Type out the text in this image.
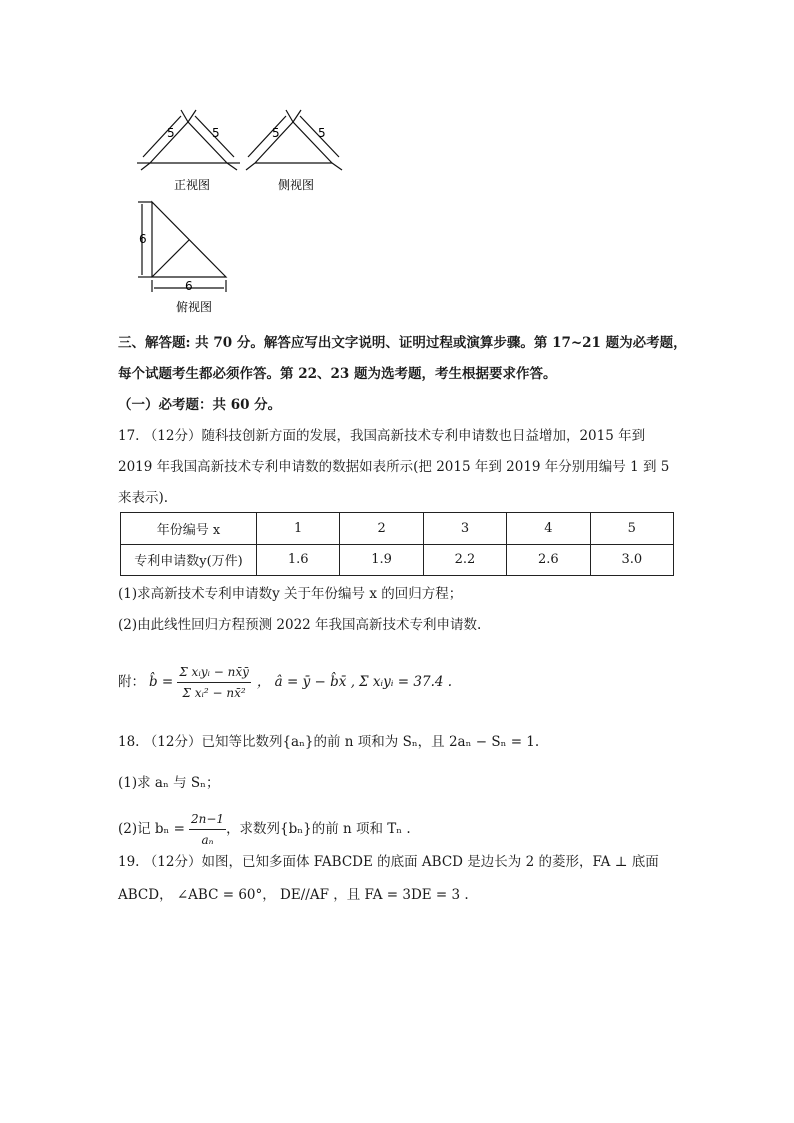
5	5	5	5
6
6
正视图	侧视图
俯视图
三、解答题: 共 70 分。解答应写出文字说明、证明过程或演算步骤。第 17~21 题为必考题，
每个试题考生都必须作答。第 22、23 题为选考题，考生根据要求作答。
（一）必考题：共 60 分。
17. （12分）随科技创新方面的发展，我国高新技术专利申请数也日益增加，2015 年到
2019 年我国高新技术专利申请数的数据如表所示(把 2015 年到 2019 年分别用编号 1 到 5
来表示).
年份编号 x	1	2	3	4	5
专利申请数y(万件)	1.6	1.9	2.2	2.6	3.0
(1)求高新技术专利申请数y 关于年份编号 x 的回归方程；
(2)由此线性回归方程预测 2022 年我国高新技术专利申请数.
附： b̂ = $\frac{\text{Σ xᵢyᵢ − nx̄ȳ}}{\text{Σ xᵢ² − nx̄²}}$ ， â = ȳ − b̂x̄ , Σ xᵢyᵢ = 37.4 .
18. （12分）已知等比数列{aₙ}的前 n 项和为 Sₙ，且 2aₙ − Sₙ = 1.
(1)求 aₙ 与 Sₙ；
(2)记 $b_n = \frac{2n-1}{\text{aₙ}}$ ，求数列{bₙ}的前 n 项和 Tₙ .
19. （12分）如图，已知多面体 FABCDE 的底面 ABCD 是边长为 2 的菱形，FA ⊥ 底面
ABCD， ∠ABC = 60°， DE//AF ，且 FA = 3DE = 3 .
